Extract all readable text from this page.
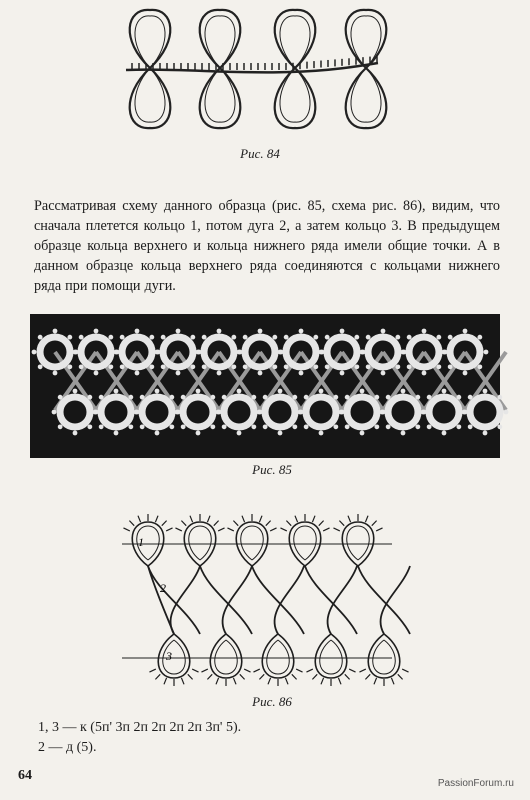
Рис. 84
Рассматривая схему данного образца (рис. 85, схема рис. 86), видим, что сначала плетется кольцо 1, потом дуга 2, а затем кольцо 3. В предыдущем образце кольца верхнего и кольца нижнего ряда имели общие точки. А в данном образце кольца верхнего ряда соединяются с кольцами нижнего ряда при помощи дуги.
Рис. 85
1
2
3
Рис. 86
1, 3 — к (5п' 3п 2п 2п 2п 2п 3п' 5).
2 — д (5).
64
PassionForum.ru
